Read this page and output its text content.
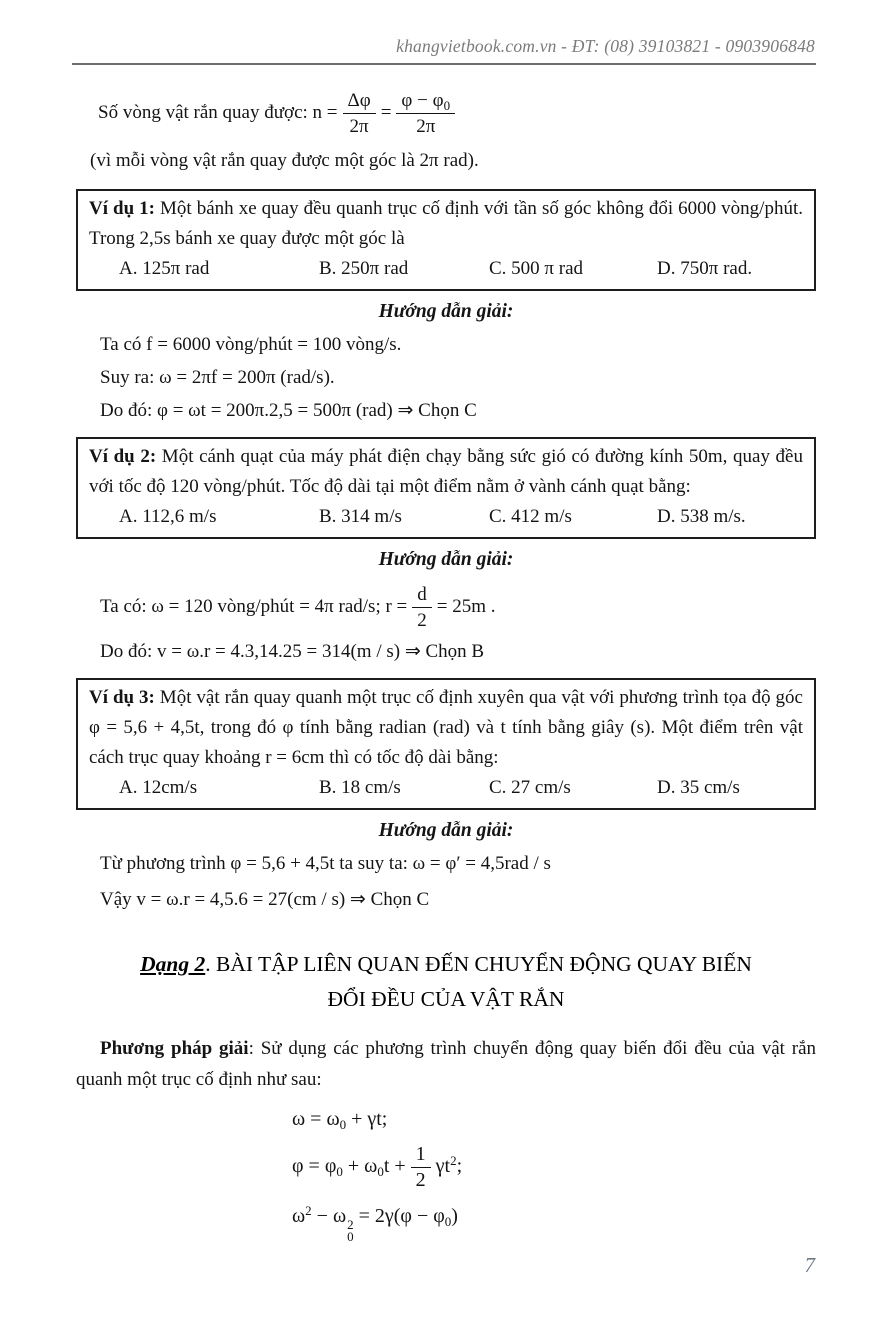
khangvietbook.com.vn - ĐT: (08) 39103821 - 0903906848
Số vòng vật rắn quay được: $n = \frac{\Delta\varphi}{2\pi} = \frac{\varphi - \varphi_0}{2\pi}$
(vì mỗi vòng vật rắn quay được một góc là 2π rad).
Ví dụ 1: Một bánh xe quay đều quanh trục cố định với tần số góc không đổi 6000 vòng/phút. Trong 2,5s bánh xe quay được một góc là
A. 125π rad	B. 250π rad	C. 500 π rad	D. 750π rad.
Hướng dẫn giải:
Ta có f = 6000 vòng/phút = 100 vòng/s.
Suy ra: ω = 2πf = 200π (rad/s).
Do đó: φ = ωt = 200π.2,5 = 500π (rad) ⇒ Chọn C
Ví dụ 2: Một cánh quạt của máy phát điện chạy bằng sức gió có đường kính 50m, quay đều với tốc độ 120 vòng/phút. Tốc độ dài tại một điểm nằm ở vành cánh quạt bằng:
A. 112,6 m/s	B. 314 m/s	C. 412 m/s	D. 538 m/s.
Hướng dẫn giải:
Ta có: ω = 120 vòng/phút = 4π rad/s; $r = \frac{d}{2} = 25m$ .
Do đó: v = ω.r = 4.3,14.25 = 314(m / s) ⇒ Chọn B
Ví dụ 3: Một vật rắn quay quanh một trục cố định xuyên qua vật với phương trình tọa độ góc φ = 5,6 + 4,5t, trong đó φ tính bằng radian (rad) và t tính bằng giây (s). Một điểm trên vật cách trục quay khoảng r = 6cm thì có tốc độ dài bằng:
A. 12cm/s	B. 18 cm/s	C. 27 cm/s	D. 35 cm/s
Hướng dẫn giải:
Từ phương trình φ = 5,6 + 4,5t ta suy ta: ω = φ′ = 4,5rad / s
Vậy v = ω.r = 4,5.6 = 27(cm / s) ⇒ Chọn C
Dạng 2. BÀI TẬP LIÊN QUAN ĐẾN CHUYỂN ĐỘNG QUAY BIẾN
ĐỔI ĐỀU CỦA VẬT RẮN
Phương pháp giải: Sử dụng các phương trình chuyển động quay biến đổi đều của vật rắn quanh một trục cố định như sau:
$\omega = \omega_0 + \gamma t$;
$\varphi = \varphi_0 + \omega_0t + \frac{1}{2} \gamma t^2$;
$\omega^2 - \omega$ 2
0
= $2\gamma(\varphi - \varphi_0)$
7
